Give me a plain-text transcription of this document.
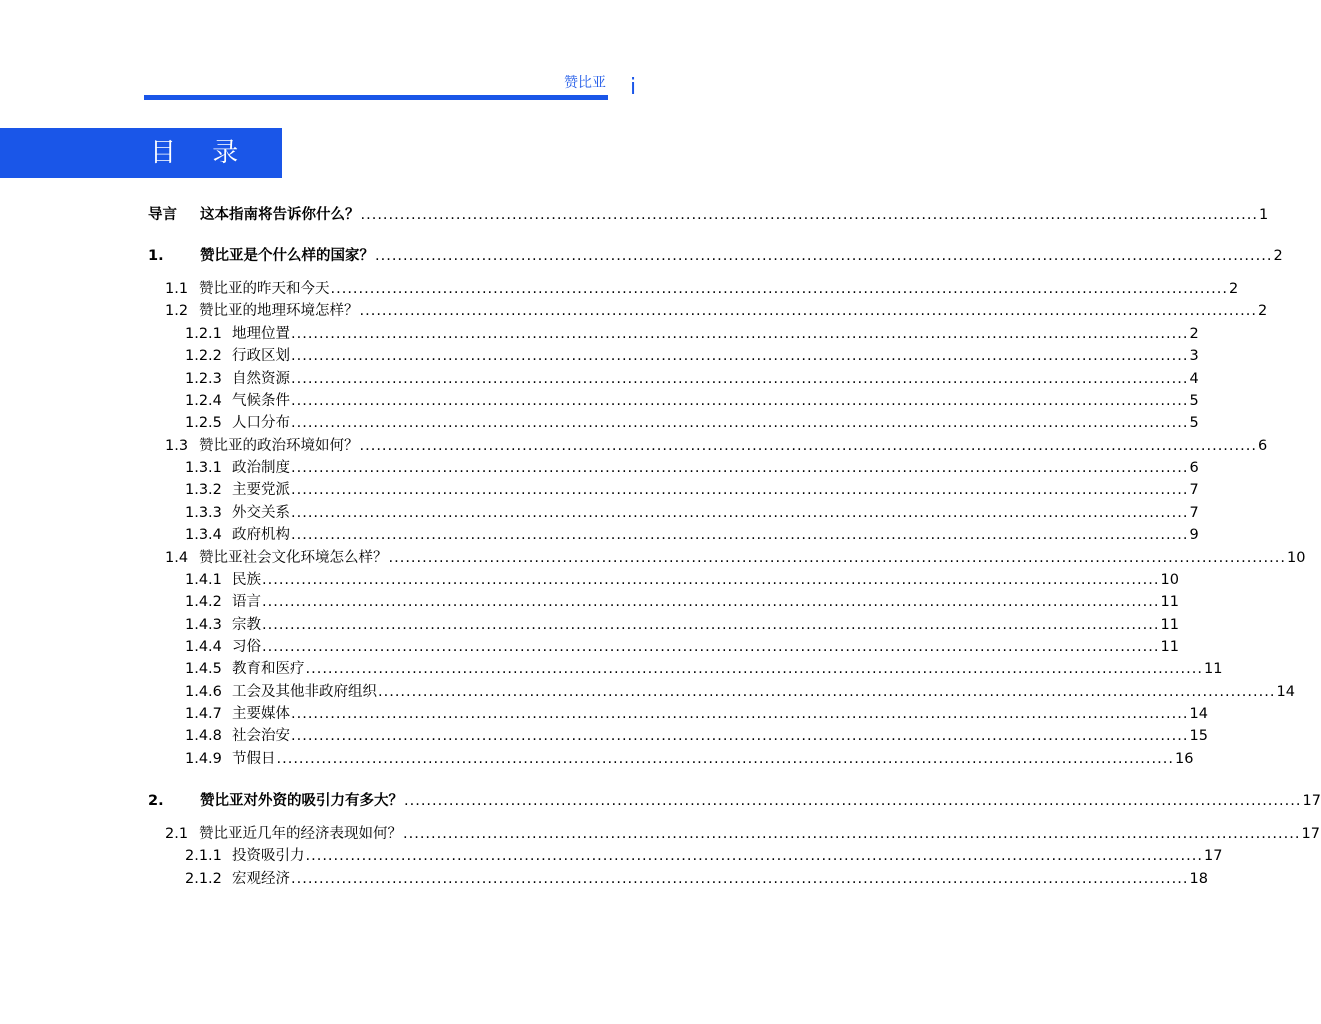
赞比亚 i
目 录
导言	这本指南将告诉你什么？ ................................................................................................................................................................ 1
1.	赞比亚是个什么样的国家？ ................................................................................................................................................................ 2
1.1 赞比亚的昨天和今天 ................................................................................................................................................................ 2
1.2 赞比亚的地理环境怎样？ ................................................................................................................................................................ 2
1.2.1 地理位置 ................................................................................................................................................................ 2
1.2.2 行政区划 ................................................................................................................................................................ 3
1.2.3 自然资源 ................................................................................................................................................................ 4
1.2.4 气候条件 ................................................................................................................................................................ 5
1.2.5 人口分布 ................................................................................................................................................................ 5
1.3 赞比亚的政治环境如何？ ................................................................................................................................................................ 6
1.3.1 政治制度 ................................................................................................................................................................ 6
1.3.2 主要党派 ................................................................................................................................................................ 7
1.3.3 外交关系 ................................................................................................................................................................ 7
1.3.4 政府机构 ................................................................................................................................................................ 9
1.4 赞比亚社会文化环境怎么样？ ................................................................................................................................................................ 10
1.4.1 民族 ................................................................................................................................................................ 10
1.4.2 语言 ................................................................................................................................................................ 11
1.4.3 宗教 ................................................................................................................................................................ 11
1.4.4 习俗 ................................................................................................................................................................ 11
1.4.5 教育和医疗 ................................................................................................................................................................ 11
1.4.6 工会及其他非政府组织 ................................................................................................................................................................ 14
1.4.7 主要媒体 ................................................................................................................................................................ 14
1.4.8 社会治安 ................................................................................................................................................................ 15
1.4.9 节假日 ................................................................................................................................................................ 16
2.	赞比亚对外资的吸引力有多大？ ................................................................................................................................................................ 17
2.1 赞比亚近几年的经济表现如何？ ................................................................................................................................................................ 17
2.1.1 投资吸引力 ................................................................................................................................................................ 17
2.1.2 宏观经济 ................................................................................................................................................................ 18
